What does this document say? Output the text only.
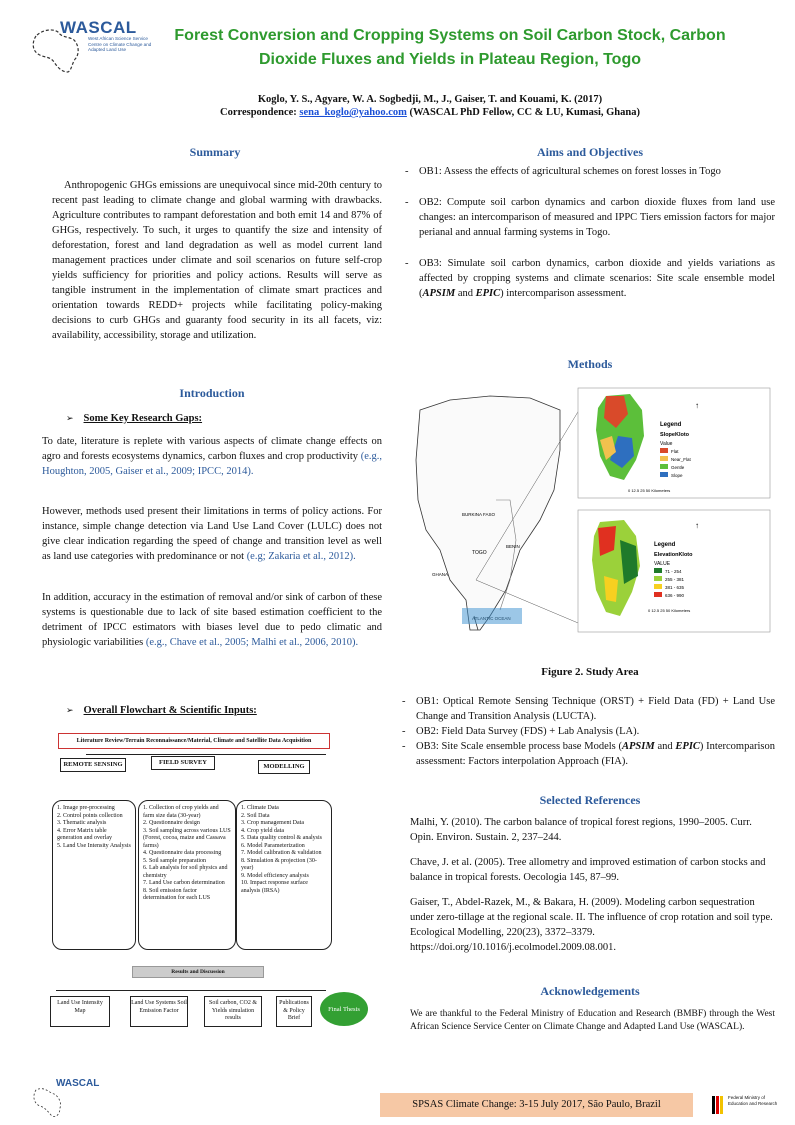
WASCAL
West African Science Service Centre on Climate Change and Adapted Land Use
Forest Conversion and Cropping Systems on Soil Carbon Stock, Carbon Dioxide Fluxes and Yields in Plateau Region, Togo
Koglo, Y. S., Agyare, W. A. Sogbedji, M., J., Gaiser, T. and Kouami, K. (2017)
Correspondence: sena_koglo@yahoo.com (WASCAL PhD Fellow, CC & LU, Kumasi, Ghana)
Summary
Anthropogenic GHGs emissions are unequivocal since mid-20th century to recent past leading to climate change and global warming with drawbacks. Agriculture contributes to rampant deforestation and both emit 14 and 87% of GHGs, respectively. To such, it urges to quantify the size and intensity of deforestation, forest and land degradation as well as model current land management practices under climate and soil scenarios on future self-crop yields sufficiency for priorities and policy actions. Results will serve as tangible instrument in the implementation of climate smart practices and orientation towards REDD+ projects while facilitating policy-making decisions to curb GHGs and guaranty food security in its all facets, viz: availability, accessibility, storage and utilization.
Introduction
➢ Some Key Research Gaps:
To date, literature is replete with various aspects of climate change effects on agro and forests ecosystems dynamics, carbon fluxes and crop productivity (e.g., Houghton, 2005, Gaiser et al., 2009; IPCC, 2014).
However, methods used present their limitations in terms of policy actions. For instance, simple change detection via Land Use Land Cover (LULC) does not give clear indication regarding the speed of change and transition level as well as land use categories with predominance or not (e.g; Zakaria et al., 2012).
In addition, accuracy in the estimation of removal and/or sink of carbon of these systems is questionable due to lack of site based estimation coefficient to the detriment of IPCC estimators with biases level due to pedo climatic and physiologic variabilities (e.g., Chave et al., 2005; Malhi et al., 2006, 2010).
➢ Overall Flowchart & Scientific Inputs:
Literature Review/Terrain Reconnaissance/Material, Climate and Satellite Data Acquisition
REMOTE SENSING	FIELD SURVEY
MODELLING
1. Image pre-processing
2. Control points collection
3. Thematic analysis
4. Error Matrix table generation and overlay
5. Land Use Intensity Analysis
1. Collection of crop yields and farm size data (30-year)
2. Questionnaire design
3. Soil sampling across various LUS (Forest, cocoa, maize and Cassava farms)
4. Questionnaire data processing
5. Soil sample preparation
6. Lab analysis for soil physics and chemistry
7. Land Use carbon determination
8. Soil emission factor determination for each LUS
1. Climate Data
2. Soil Data
3. Crop management Data
4. Crop yield data
5. Data quality control & analysis
6. Model Parameterization
7. Model calibration & validation
8. Simulation & projection (30-year)
9. Model efficiency analysis
10. Impact response surface analysis (IRSA)
Results and Discussion
Land Use Intensity Map
Land Use Systems Soil Emission Factor
Soil carbon, CO2 & Yields simulation results
Publications & Policy Brief
Final Thesis
Aims and Objectives
- OB1: Assess the effects of agricultural schemes on forest losses in Togo
- OB2: Compute soil carbon dynamics and carbon dioxide fluxes from land use changes: an intercomparison of measured and IPPC Tiers emission factors for major perianal and annual farming systems in Togo.
- OB3: Simulate soil carbon dynamics, carbon dioxide and yields variations as affected by cropping systems and climate scenarios: Site scale ensemble model (APSIM and EPIC) intercomparison assessment.
Methods
BURKINA FASO
BENIN
TOGO
GHANA
Legend
SlopeKloto
Value
Flat
Near_Flat
Gentle
Slope
0 12.5 25 50 Kilometers
↑
Legend
ElevationKloto
VALUE
71 - 254
255 - 381
381 - 635
636 - 990
0 12.5 25 50 Kilometers
↑
Figure 2. Study Area
- OB1: Optical Remote Sensing Technique (ORST) + Field Data (FD) + Land Use Change and Transition Analysis (LUCTA).
- OB2: Field Data Survey (FDS) + Lab Analysis (LA).
- OB3: Site Scale ensemble process base Models (APSIM and EPIC) Intercomparison assessment: Factors interpolation Approach (FIA).
Selected References

Malhi, Y. (2010). The carbon balance of tropical forest regions, 1990–2005. Curr. Opin. Environ. Sustain. 2, 237–244.

Chave, J. et al. (2005). Tree allometry and improved estimation of carbon stocks and balance in tropical forests. Oecologia 145, 87–99.

Gaiser, T., Abdel-Razek, M., & Bakara, H. (2009). Modeling carbon sequestration under zero-tillage at the regional scale. II. The influence of crop rotation and soil type. Ecological Modelling, 220(23), 3372–3379. https://doi.org/10.1016/j.ecolmodel.2009.08.001.

Acknowledgements
We are thankful to the Federal Ministry of Education and Research (BMBF) through the West African Science Service Center on Climate Change and Adapted Land Use (WASCAL).
WASCAL
SPSAS Climate Change: 3-15 July 2017, São Paulo, Brazil
Federal Ministry of Education and Research
